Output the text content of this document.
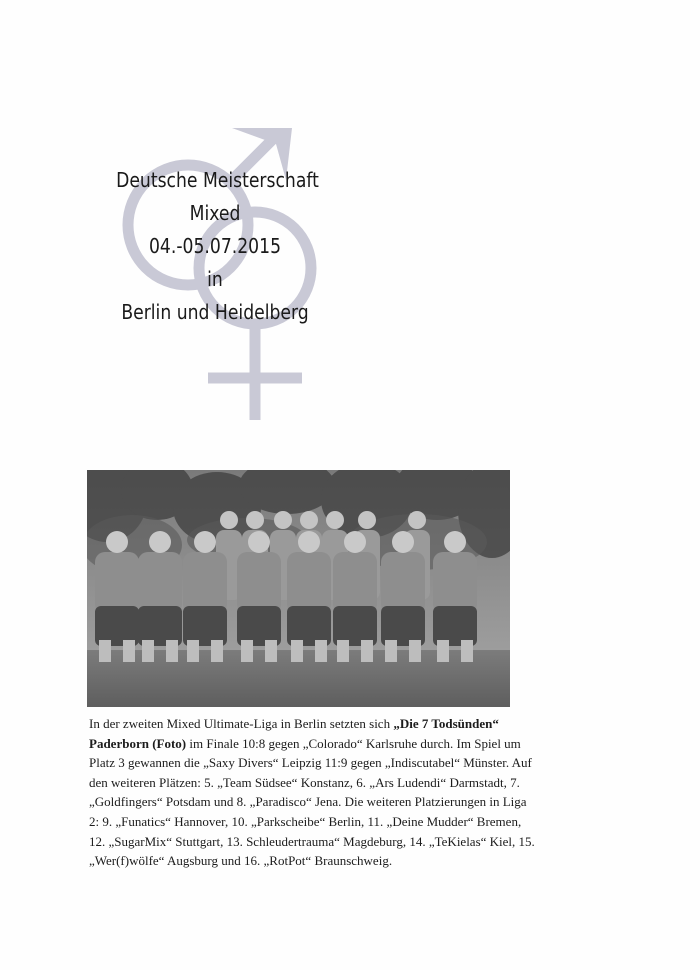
Deutsche Meisterschaft
Mixed
04.-05.07.2015
in
Berlin und Heidelberg
In der zweiten Mixed Ultimate-Liga in Berlin setzten sich „Die 7 Todsünden“ Paderborn (Foto) im Finale 10:8 gegen „Colorado“ Karlsruhe durch. Im Spiel um Platz 3 gewannen die „Saxy Divers“ Leipzig 11:9 gegen „Indiscutabel“ Münster. Auf den weiteren Plätzen: 5. „Team Südsee“ Konstanz, 6. „Ars Ludendi“ Darmstadt, 7. „Goldfingers“ Potsdam und 8. „Paradisco“ Jena. Die weiteren Platzierungen in Liga 2: 9. „Funatics“ Hannover, 10. „Parkscheibe“ Berlin, 11. „Deine Mudder“ Bremen, 12. „SugarMix“ Stuttgart, 13. Schleudertrauma“ Magdeburg, 14. „TeKielas“ Kiel, 15. „Wer(f)wölfe“ Augsburg und 16. „RotPot“ Braunschweig.
